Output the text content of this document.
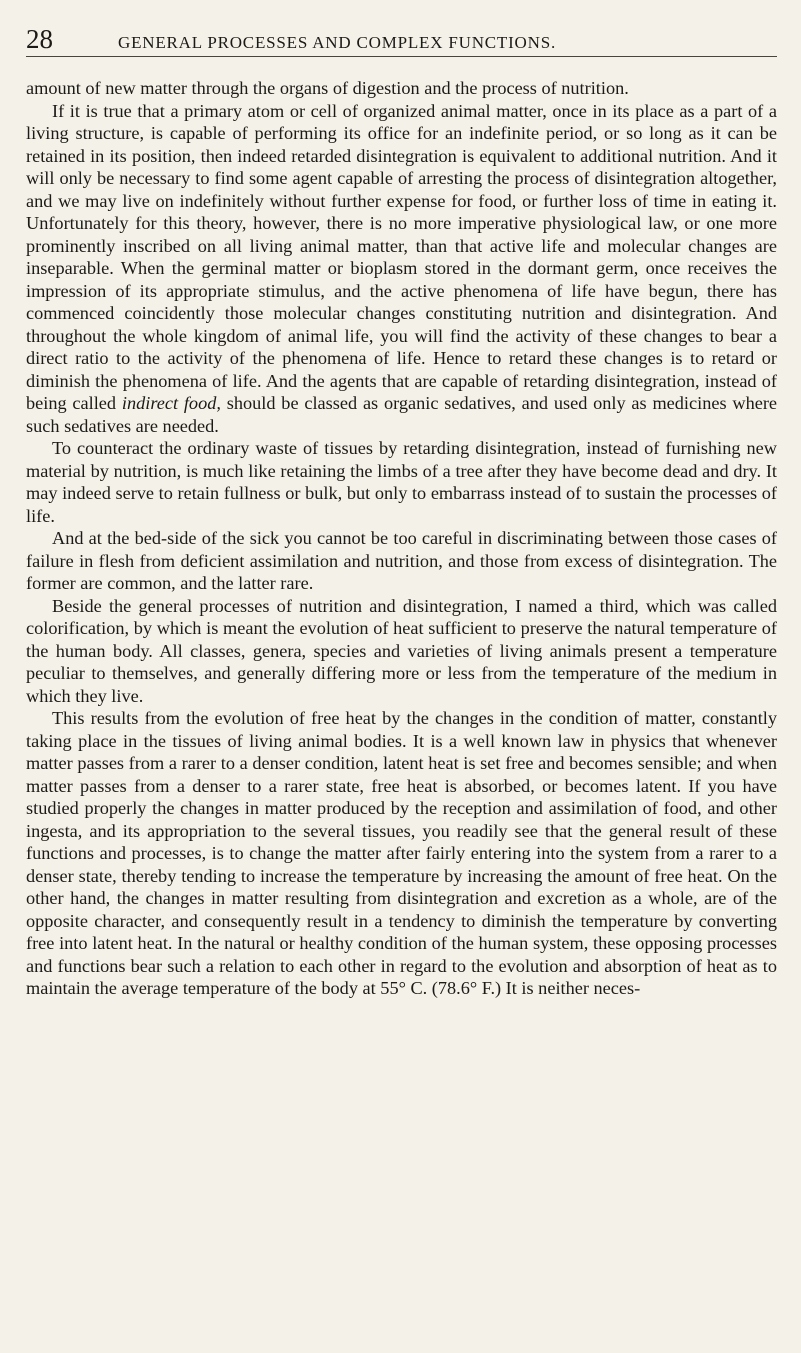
28	GENERAL PROCESSES AND COMPLEX FUNCTIONS.

amount of new matter through the organs of digestion and the process of nutrition.

If it is true that a primary atom or cell of organized animal matter, once in its place as a part of a living structure, is capable of performing its office for an indefinite period, or so long as it can be retained in its position, then indeed retarded disintegration is equivalent to additional nutrition. And it will only be necessary to find some agent capable of arresting the process of disintegration altogether, and we may live on indefinitely without further expense for food, or further loss of time in eating it. Unfortunately for this theory, however, there is no more imperative physiological law, or one more prominently inscribed on all living animal matter, than that active life and molecular changes are inseparable. When the germinal matter or bioplasm stored in the dormant germ, once receives the impression of its appropriate stimulus, and the active phenomena of life have begun, there has commenced coincidently those molecular changes constituting nutrition and disintegration. And throughout the whole kingdom of animal life, you will find the activity of these changes to bear a direct ratio to the activity of the phenomena of life. Hence to retard these changes is to retard or diminish the phenomena of life. And the agents that are capable of retarding disintegration, instead of being called indirect food, should be classed as organic sedatives, and used only as medicines where such sedatives are needed.

To counteract the ordinary waste of tissues by retarding disintegration, instead of furnishing new material by nutrition, is much like retaining the limbs of a tree after they have become dead and dry. It may indeed serve to retain fullness or bulk, but only to embarrass instead of to sustain the processes of life.

And at the bed-side of the sick you cannot be too careful in discriminating between those cases of failure in flesh from deficient assimilation and nutrition, and those from excess of disintegration. The former are common, and the latter rare.

Beside the general processes of nutrition and disintegration, I named a third, which was called colorification, by which is meant the evolution of heat sufficient to preserve the natural temperature of the human body. All classes, genera, species and varieties of living animals present a temperature peculiar to themselves, and generally differing more or less from the temperature of the medium in which they live.

This results from the evolution of free heat by the changes in the condition of matter, constantly taking place in the tissues of living animal bodies. It is a well known law in physics that whenever matter passes from a rarer to a denser condition, latent heat is set free and becomes sensible; and when matter passes from a denser to a rarer state, free heat is absorbed, or becomes latent. If you have studied properly the changes in matter produced by the reception and assimilation of food, and other ingesta, and its appropriation to the several tissues, you readily see that the general result of these functions and processes, is to change the matter after fairly entering into the system from a rarer to a denser state, thereby tending to increase the temperature by increasing the amount of free heat. On the other hand, the changes in matter resulting from disintegration and excretion as a whole, are of the opposite character, and consequently result in a tendency to diminish the temperature by converting free into latent heat. In the natural or healthy condition of the human system, these opposing processes and functions bear such a relation to each other in regard to the evolution and absorption of heat as to maintain the average temperature of the body at 55° C. (78.6° F.) It is neither neces-
